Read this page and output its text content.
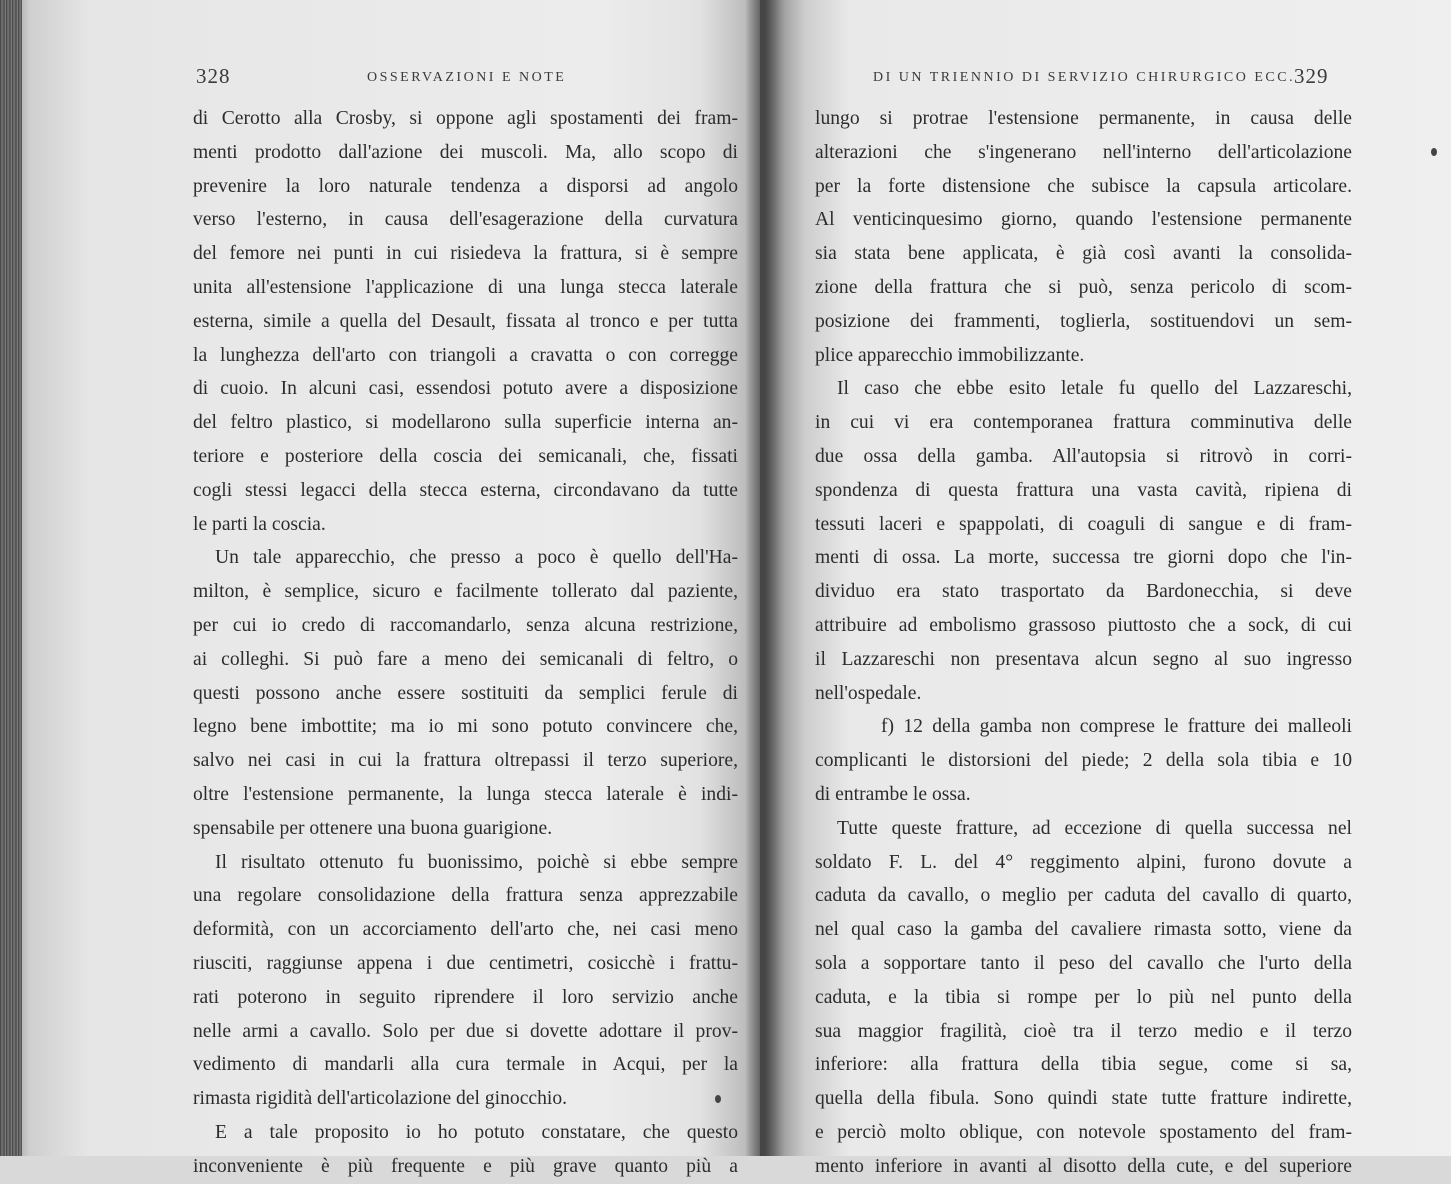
328	OSSERVAZIONI E NOTE
di Cerotto alla Crosby, si oppone agli spostamenti dei fram-
menti prodotto dall'azione dei muscoli. Ma, allo scopo di
prevenire la loro naturale tendenza a disporsi ad angolo
verso l'esterno, in causa dell'esagerazione della curvatura
del femore nei punti in cui risiedeva la frattura, si è sempre
unita all'estensione l'applicazione di una lunga stecca laterale
esterna, simile a quella del Desault, fissata al tronco e per tutta
la lunghezza dell'arto con triangoli a cravatta o con corregge
di cuoio. In alcuni casi, essendosi potuto avere a disposizione
del feltro plastico, si modellarono sulla superficie interna an-
teriore e posteriore della coscia dei semicanali, che, fissati
cogli stessi legacci della stecca esterna, circondavano da tutte
le parti la coscia.
Un tale apparecchio, che presso a poco è quello dell'Ha-
milton, è semplice, sicuro e facilmente tollerato dal paziente,
per cui io credo di raccomandarlo, senza alcuna restrizione,
ai colleghi. Si può fare a meno dei semicanali di feltro, o
questi possono anche essere sostituiti da semplici ferule di
legno bene imbottite; ma io mi sono potuto convincere che,
salvo nei casi in cui la frattura oltrepassi il terzo superiore,
oltre l'estensione permanente, la lunga stecca laterale è indi-
spensabile per ottenere una buona guarigione.
Il risultato ottenuto fu buonissimo, poichè si ebbe sempre
una regolare consolidazione della frattura senza apprezzabile
deformità, con un accorciamento dell'arto che, nei casi meno
riusciti, raggiunse appena i due centimetri, cosicchè i frattu-
rati poterono in seguito riprendere il loro servizio anche
nelle armi a cavallo. Solo per due si dovette adottare il prov-
vedimento di mandarli alla cura termale in Acqui, per la
rimasta rigidità dell'articolazione del ginocchio.
E a tale proposito io ho potuto constatare, che questo
inconveniente è più frequente e più grave quanto più a
DI UN TRIENNIO DI SERVIZIO CHIRURGICO ECC.
329
lungo si protrae l'estensione permanente, in causa delle
alterazioni che s'ingenerano nell'interno dell'articolazione
per la forte distensione che subisce la capsula articolare.
Al venticinquesimo giorno, quando l'estensione permanente
sia stata bene applicata, è già così avanti la consolida-
zione della frattura che si può, senza pericolo di scom-
posizione dei frammenti, toglierla, sostituendovi un sem-
plice apparecchio immobilizzante.
Il caso che ebbe esito letale fu quello del Lazzareschi,
in cui vi era contemporanea frattura comminutiva delle
due ossa della gamba. All'autopsia si ritrovò in corri-
spondenza di questa frattura una vasta cavità, ripiena di
tessuti laceri e spappolati, di coaguli di sangue e di fram-
menti di ossa. La morte, successa tre giorni dopo che l'in-
dividuo era stato trasportato da Bardonecchia, si deve
attribuire ad embolismo grassoso piuttosto che a sock, di cui
il Lazzareschi non presentava alcun segno al suo ingresso
nell'ospedale.
f) 12 della gamba non comprese le fratture dei malleoli
complicanti le distorsioni del piede; 2 della sola tibia e 10
di entrambe le ossa.
Tutte queste fratture, ad eccezione di quella successa nel
soldato F. L. del 4° reggimento alpini, furono dovute a
caduta da cavallo, o meglio per caduta del cavallo di quarto,
nel qual caso la gamba del cavaliere rimasta sotto, viene da
sola a sopportare tanto il peso del cavallo che l'urto della
caduta, e la tibia si rompe per lo più nel punto della
sua maggior fragilità, cioè tra il terzo medio e il terzo
inferiore: alla frattura della tibia segue, come si sa,
quella della fibula. Sono quindi state tutte fratture indirette,
e perciò molto oblique, con notevole spostamento del fram-
mento inferiore in avanti al disotto della cute, e del superiore
